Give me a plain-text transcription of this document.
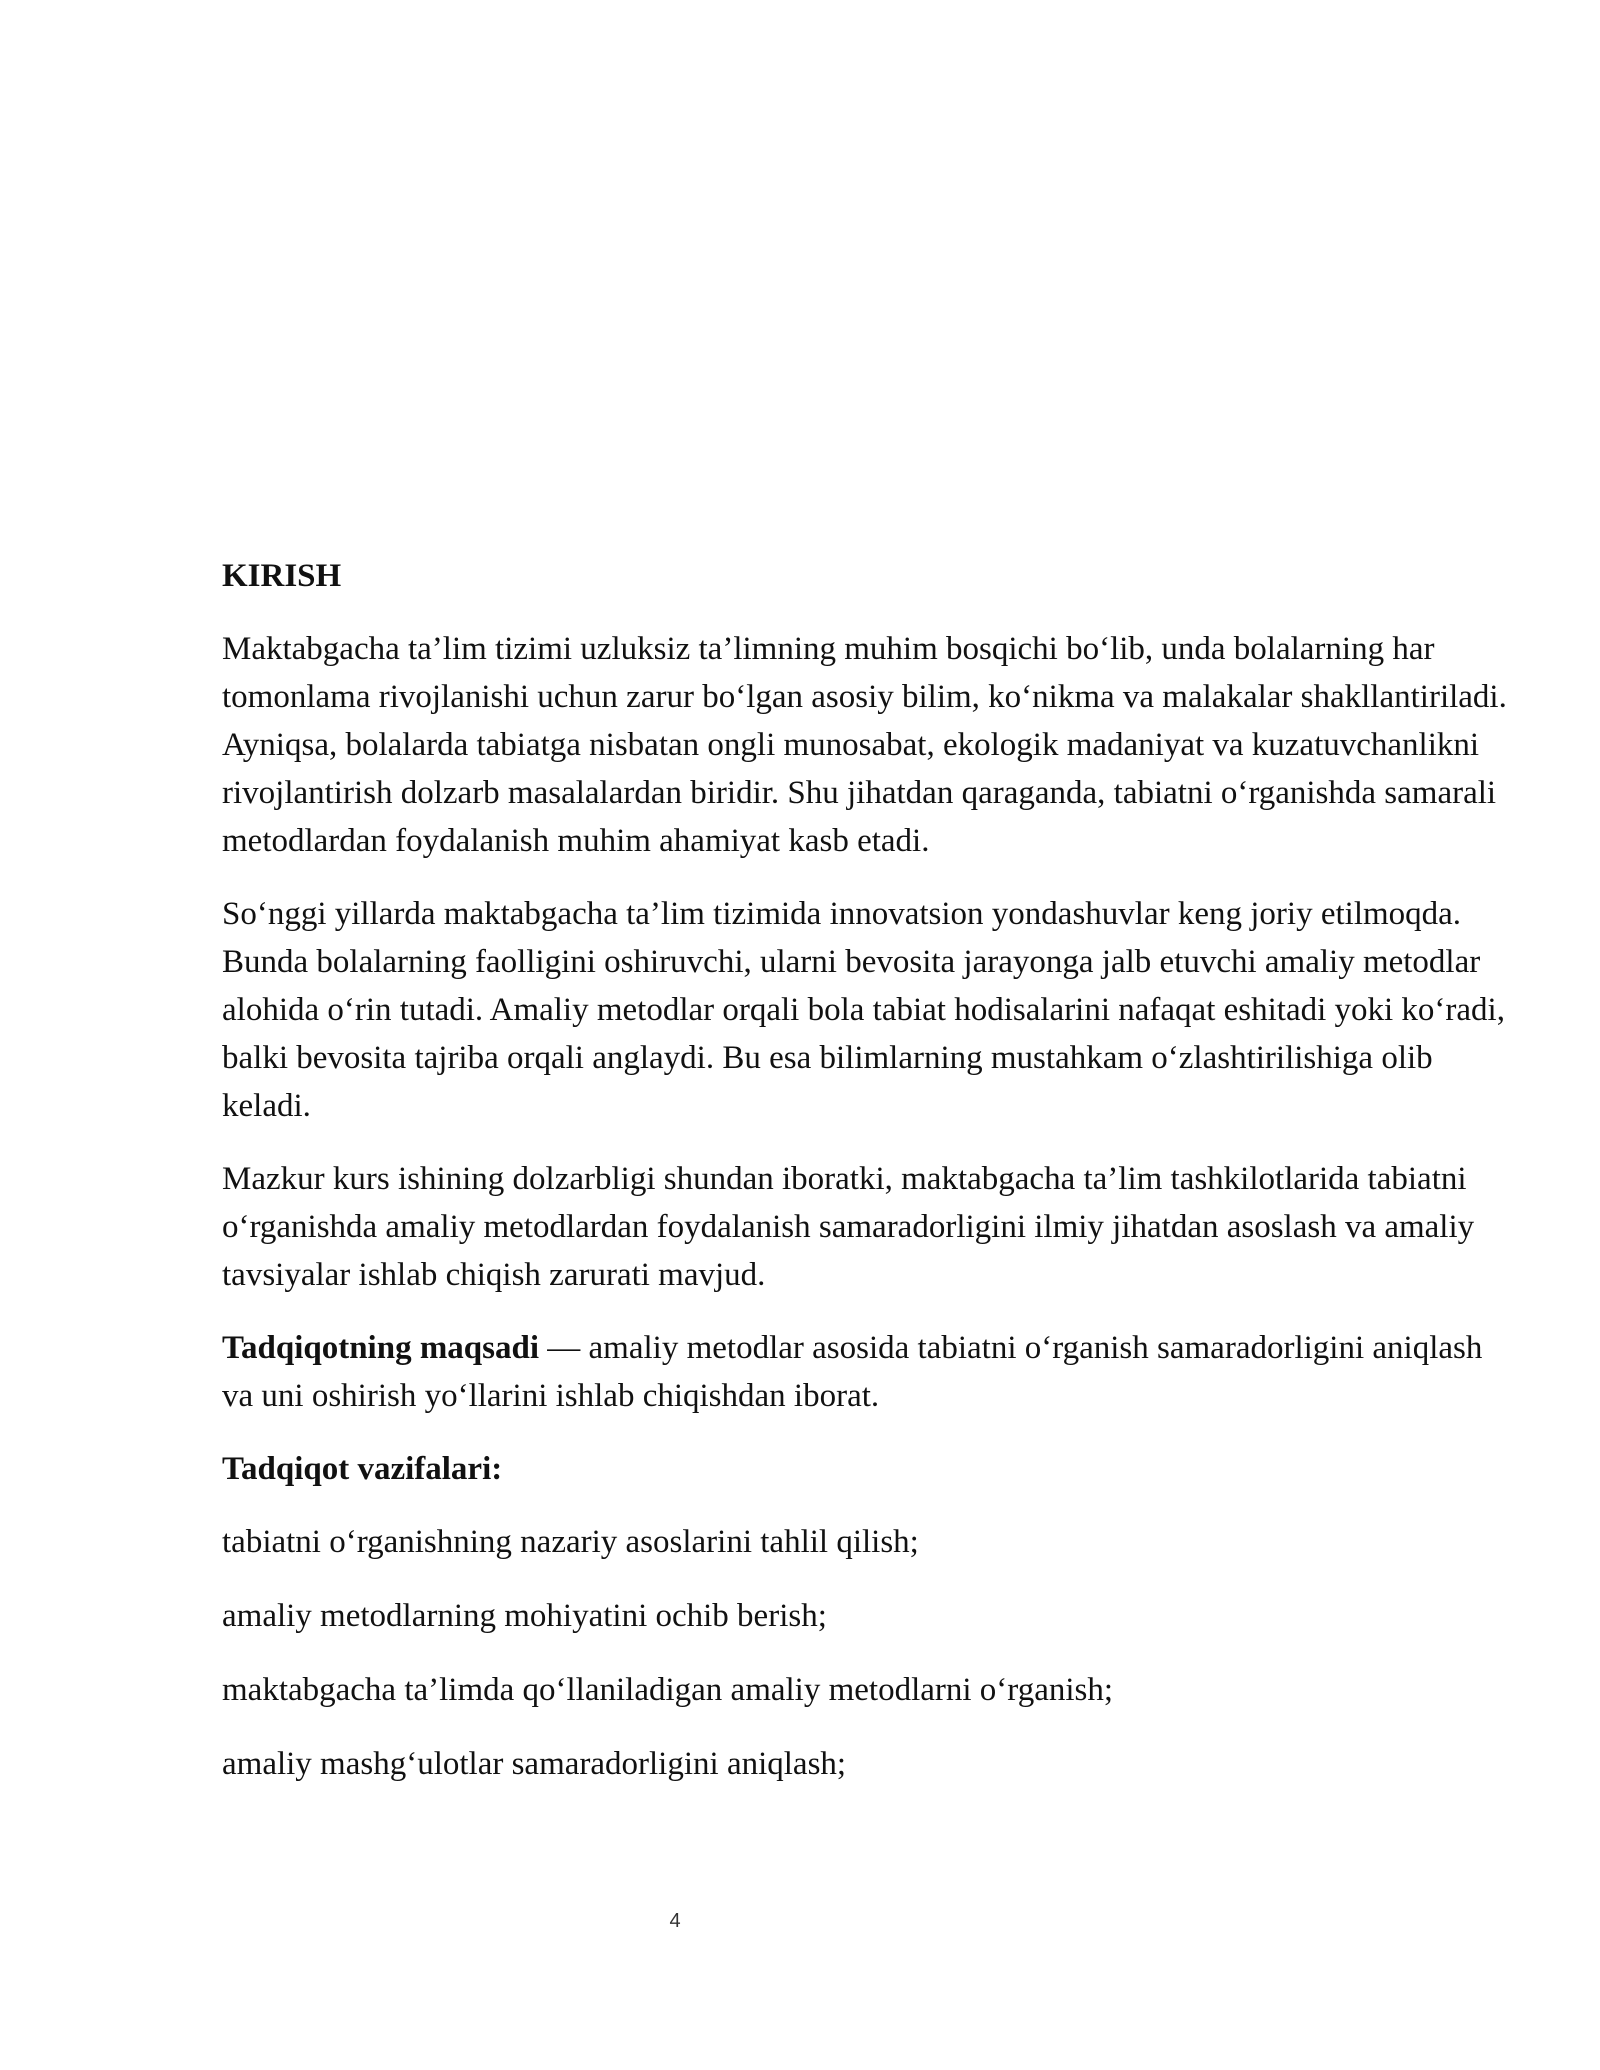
KIRISH

Maktabgacha ta’lim tizimi uzluksiz ta’limning muhim bosqichi bo‘lib, unda bolalarning har tomonlama rivojlanishi uchun zarur bo‘lgan asosiy bilim, ko‘nikma va malakalar shakllantiriladi. Ayniqsa, bolalarda tabiatga nisbatan ongli munosabat, ekologik madaniyat va kuzatuvchanlikni rivojlantirish dolzarb masalalardan biridir. Shu jihatdan qaraganda, tabiatni o‘rganishda samarali metodlardan foydalanish muhim ahamiyat kasb etadi.

So‘nggi yillarda maktabgacha ta’lim tizimida innovatsion yondashuvlar keng joriy etilmoqda. Bunda bolalarning faolligini oshiruvchi, ularni bevosita jarayonga jalb etuvchi amaliy metodlar alohida o‘rin tutadi. Amaliy metodlar orqali bola tabiat hodisalarini nafaqat eshitadi yoki ko‘radi, balki bevosita tajriba orqali anglaydi. Bu esa bilimlarning mustahkam o‘zlashtirilishiga olib keladi.

Mazkur kurs ishining dolzarbligi shundan iboratki, maktabgacha ta’lim tashkilotlarida tabiatni o‘rganishda amaliy metodlardan foydalanish samaradorligini ilmiy jihatdan asoslash va amaliy tavsiyalar ishlab chiqish zarurati mavjud.

Tadqiqotning maqsadi — amaliy metodlar asosida tabiatni o‘rganish samaradorligini aniqlash va uni oshirish yo‘llarini ishlab chiqishdan iborat.

Tadqiqot vazifalari:
tabiatni o‘rganishning nazariy asoslarini tahlil qilish;
amaliy metodlarning mohiyatini ochib berish;
maktabgacha ta’limda qo‘llaniladigan amaliy metodlarni o‘rganish;
amaliy mashg‘ulotlar samaradorligini aniqlash;
4
